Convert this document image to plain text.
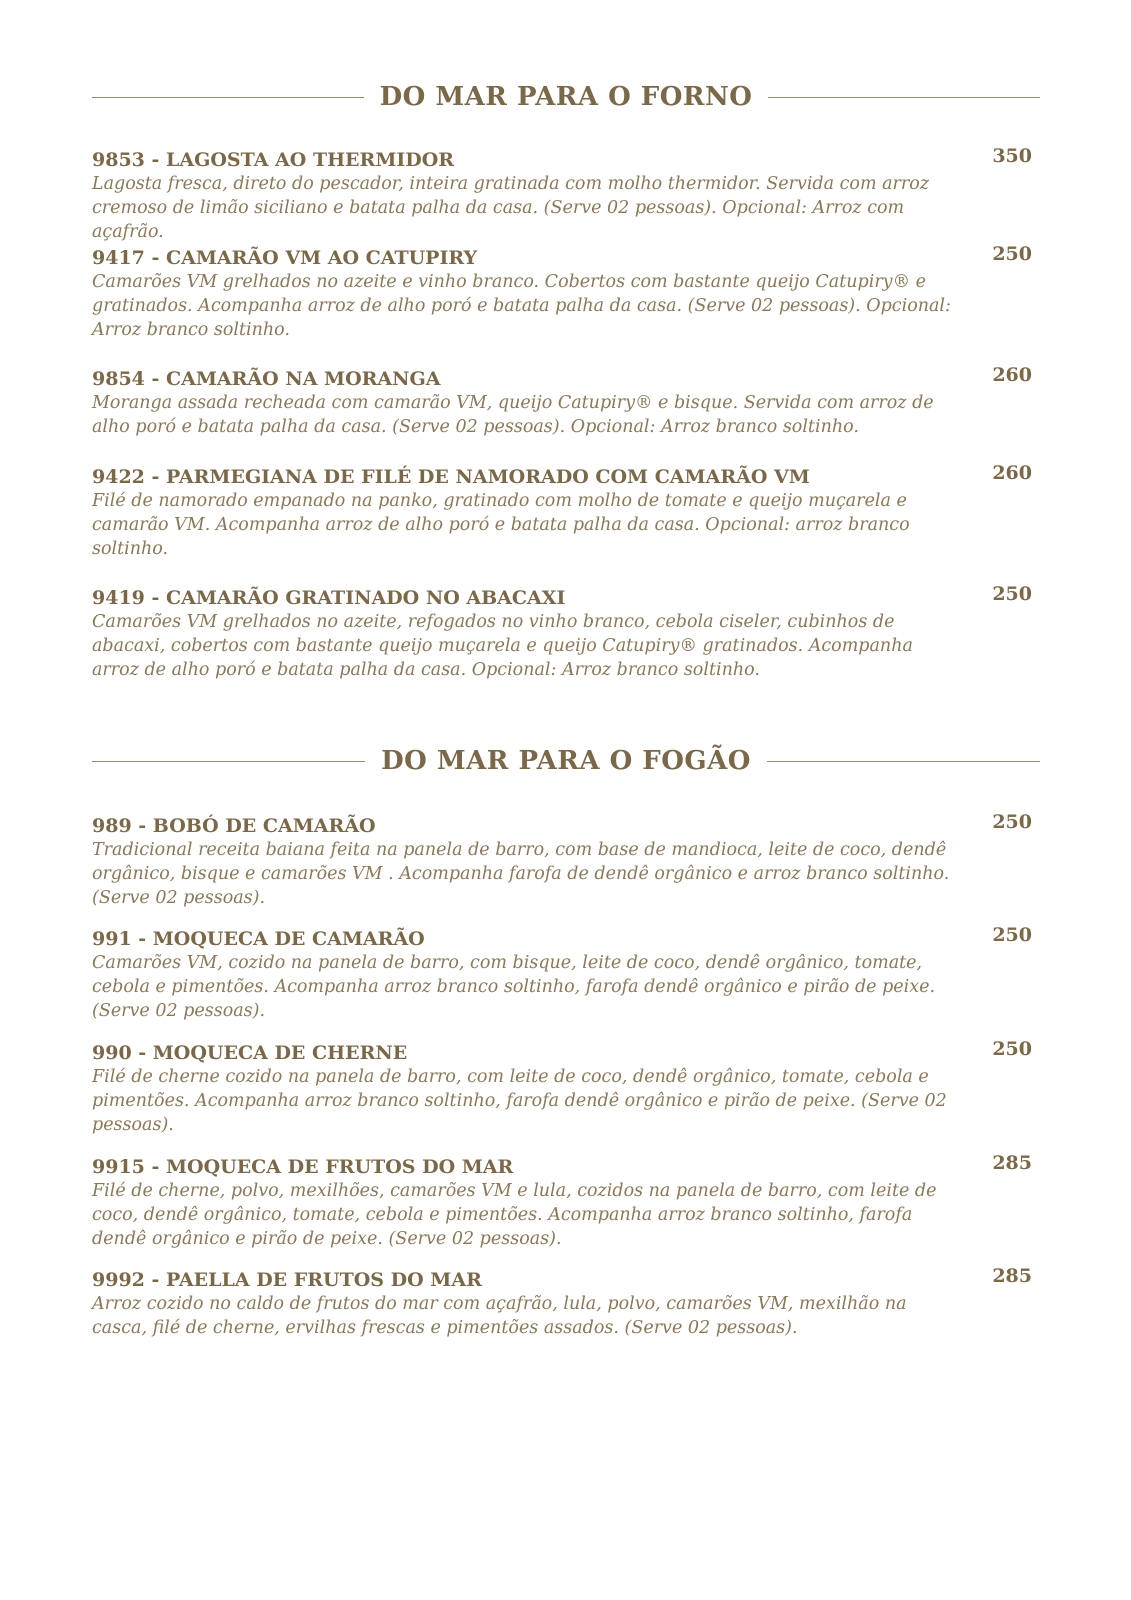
DO MAR PARA O FORNO
9853 - LAGOSTA AO THERMIDOR
Lagosta fresca, direto do pescador, inteira gratinada com molho thermidor. Servida com arroz cremoso de limão siciliano e batata palha da casa. (Serve 02 pessoas). Opcional: Arroz com açafrão.
350
9417 - CAMARÃO VM AO CATUPIRY
Camarões VM grelhados no azeite e vinho branco. Cobertos com bastante queijo Catupiry® e gratinados. Acompanha arroz de alho poró e batata palha da casa. (Serve 02 pessoas). Opcional: Arroz branco soltinho.
250
9854 - CAMARÃO NA MORANGA
Moranga assada recheada com camarão VM, queijo Catupiry® e bisque. Servida com arroz de alho poró e batata palha da casa. (Serve 02 pessoas). Opcional: Arroz branco soltinho.
260
9422 - PARMEGIANA DE FILÉ DE NAMORADO COM CAMARÃO VM
Filé de namorado empanado na panko, gratinado com molho de tomate e queijo muçarela e camarão VM. Acompanha arroz de alho poró e batata palha da casa. Opcional: arroz branco soltinho.
260
9419 - CAMARÃO GRATINADO NO ABACAXI
Camarões VM grelhados no azeite, refogados no vinho branco, cebola ciseler, cubinhos de abacaxi, cobertos com bastante queijo muçarela e queijo Catupiry® gratinados. Acompanha arroz de alho poró e batata palha da casa. Opcional: Arroz branco soltinho.
250
DO MAR PARA O FOGÃO
989 - BOBÓ DE CAMARÃO
Tradicional receita baiana feita na panela de barro, com base de mandioca, leite de coco, dendê orgânico, bisque e camarões VM . Acompanha farofa de dendê orgânico e arroz branco soltinho. (Serve 02 pessoas).
250
991 - MOQUECA DE CAMARÃO
Camarões VM, cozido na panela de barro, com bisque, leite de coco, dendê orgânico, tomate, cebola e pimentões. Acompanha arroz branco soltinho, farofa dendê orgânico e pirão de peixe. (Serve 02 pessoas).
250
990 - MOQUECA DE CHERNE
Filé de cherne cozido na panela de barro, com leite de coco, dendê orgânico, tomate, cebola e pimentões. Acompanha arroz branco soltinho, farofa dendê orgânico e pirão de peixe. (Serve 02 pessoas).
250
9915 - MOQUECA DE FRUTOS DO MAR
Filé de cherne, polvo, mexilhões, camarões VM e lula, cozidos na panela de barro, com leite de coco, dendê orgânico, tomate, cebola e pimentões. Acompanha arroz branco soltinho, farofa dendê orgânico e pirão de peixe. (Serve 02 pessoas).
285
9992 - PAELLA DE FRUTOS DO MAR
Arroz cozido no caldo de frutos do mar com açafrão, lula, polvo, camarões VM, mexilhão na casca, filé de cherne, ervilhas frescas e pimentões assados. (Serve 02 pessoas).
285
